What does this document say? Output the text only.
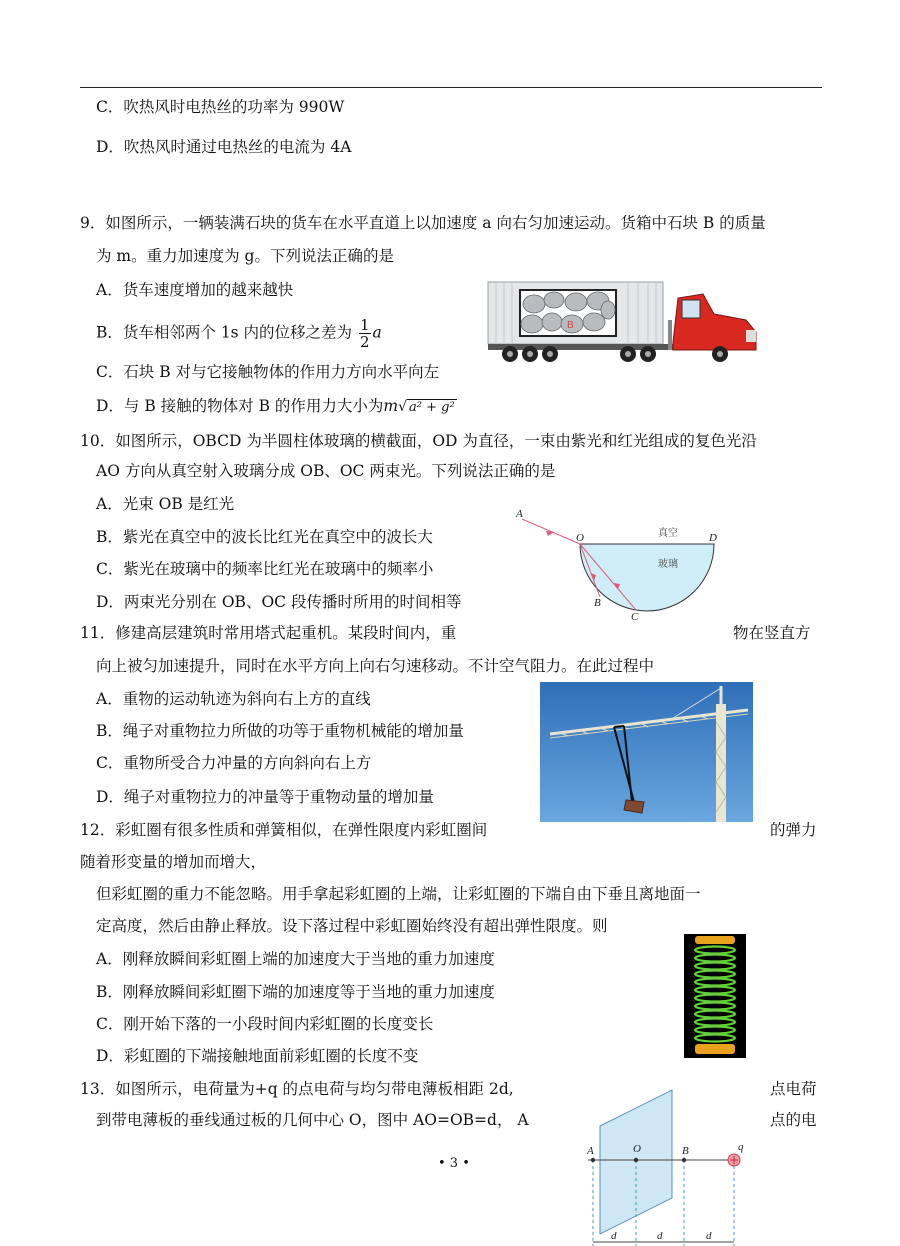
C．吹热风时电热丝的功率为 990W
D．吹热风时通过电热丝的电流为 4A
9．如图所示，一辆装满石块的货车在水平直道上以加速度 a 向右匀加速运动。货箱中石块 B 的质量
为 m。重力加速度为 g。下列说法正确的是
A．货车速度增加的越来越快
B．货车相邻两个 1s 内的位移之差为 $\frac{1}{2}$ a
C．石块 B 对与它接触物体的作用力方向水平向左
D．与 B 接触的物体对 B 的作用力大小为m√ a² + g²
B
10．如图所示，OBCD 为半圆柱体玻璃的横截面，OD 为直径，一束由紫光和红光组成的复色光沿
AO 方向从真空射入玻璃分成 OB、OC 两束光。下列说法正确的是
A．光束 OB 是红光
B．紫光在真空中的波长比红光在真空中的波长大
C．紫光在玻璃中的频率比红光在玻璃中的频率小
D．两束光分别在 OB、OC 段传播时所用的时间相等
A
O	D
B
C
真空
玻璃
11．修建高层建筑时常用塔式起重机。某段时间内，重	物在竖直方
向上被匀加速提升，同时在水平方向上向右匀速移动。不计空气阻力。在此过程中
A．重物的运动轨迹为斜向右上方的直线
B．绳子对重物拉力所做的功等于重物机械能的增加量
C．重物所受合力冲量的方向斜向右上方
D．绳子对重物拉力的冲量等于重物动量的增加量
12．彩虹圈有很多性质和弹簧相似，在弹性限度内彩虹圈间	的弹力
随着形变量的增加而增大，
但彩虹圈的重力不能忽略。用手拿起彩虹圈的上端，让彩虹圈的下端自由下垂且离地面一
定高度，然后由静止释放。设下落过程中彩虹圈始终没有超出弹性限度。则
A．刚释放瞬间彩虹圈上端的加速度大于当地的重力加速度
B．刚释放瞬间彩虹圈下端的加速度等于当地的重力加速度
C．刚开始下落的一小段时间内彩虹圈的长度变长
D．彩虹圈的下端接触地面前彩虹圈的长度不变
13．如图所示，电荷量为+q 的点电荷与均匀带电薄板相距 2d,	点电荷
到带电薄板的垂线通过板的几何中心 O，图中 AO=OB=d， A	点的电
A	O	B	q
d	d	d
• 3 •
